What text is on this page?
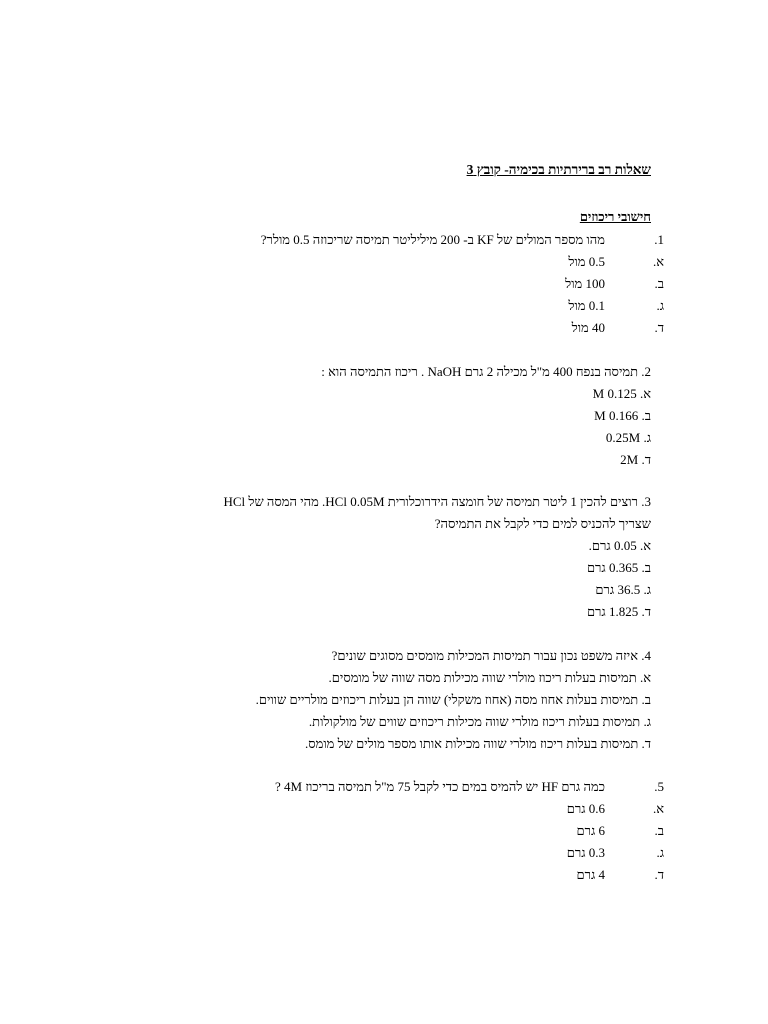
שאלות רב ברירתיות בכימיה- קובץ 3
חישובי ריכוזים
1.
מהו מספר המולים של KF ב- 200 מיליליטר תמיסה שריכוזה 0.5 מולר?
א.
0.5 מול
ב.
100 מול
ג.
0.1 מול
ד.
40 מול
2. תמיסה בנפח 400 מ"ל מכילה 2 גרם NaOH . ריכוז התמיסה הוא :
א. 0.125 M
ב. 0.166 M
ג. 0.25M
ד. 2M
3. רוצים להכין 1 ליטר תמיסה של חומצה הידרוכלורית HCl 0.05M. מהי המסה של HCl
שצריך להכניס למים כדי לקבל את התמיסה?
א. 0.05 גרם.
ב. 0.365 גרם
ג. 36.5 גרם
ד. 1.825 גרם
4. איזה משפט נכון עבור תמיסות המכילות מומסים מסוגים שונים?
א. תמיסות בעלות ריכוז מולרי שווה מכילות מסה שווה של מומסים.
ב. תמיסות בעלות אחוז מסה (אחוז משקלי) שווה הן בעלות ריכוזים מולריים שווים.
ג. תמיסות בעלות ריכוז מולרי שווה מכילות ריכוזים שווים של מולקולות.
ד. תמיסות בעלות ריכוז מולרי שווה מכילות אותו מספר מולים של מומס.
5.
כמה גרם HF יש להמיס במים כדי לקבל 75 מ"ל תמיסה בריכוז 4M ?
א.
0.6 גרם
ב.
6 גרם
ג.
0.3 גרם
ד.
4 גרם
